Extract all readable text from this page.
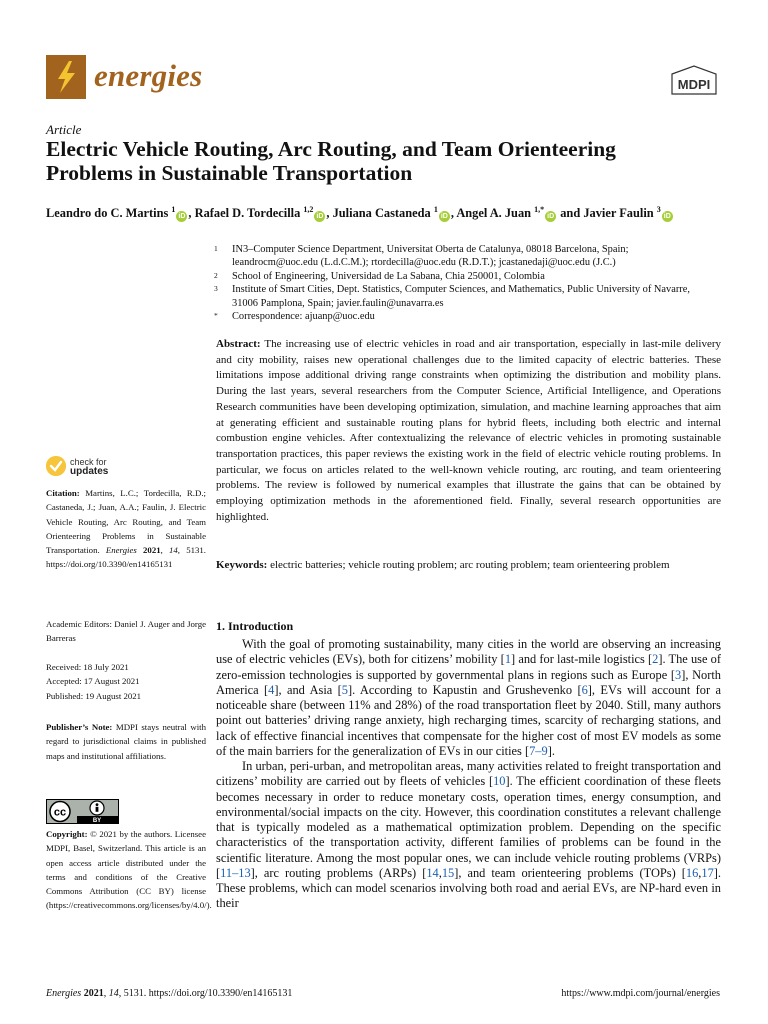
energies	MDPI
Article
Electric Vehicle Routing, Arc Routing, and Team Orienteering
Problems in Sustainable Transportation
Leandro do C. Martins $^1$iD , Rafael D. Tordecilla $^{1,2}$iD , Juliana Castaneda $^1$iD , Angel A. Juan $^{1,*}$iD and Javier Faulin $^3$iD
1	IN3–Computer Science Department, Universitat Oberta de Catalunya, 08018 Barcelona, Spain;
leandrocm@uoc.edu (L.d.C.M.); rtordecilla@uoc.edu (R.D.T.); jcastanedaji@uoc.edu (J.C.)
2	School of Engineering, Universidad de La Sabana, Chia 250001, Colombia
3	Institute of Smart Cities, Dept. Statistics, Computer Sciences, and Mathematics, Public University of Navarre,
31006 Pamplona, Spain; javier.faulin@unavarra.es
*	Correspondence: ajuanp@uoc.edu
Abstract: The increasing use of electric vehicles in road and air transportation, especially in last-mile delivery and city mobility, raises new operational challenges due to the limited capacity of electric batteries. These limitations impose additional driving range constraints when optimizing the distribution and mobility plans. During the last years, several researchers from the Computer Science, Artificial Intelligence, and Operations Research communities have been developing optimization, simulation, and machine learning approaches that aim at generating efficient and sustainable routing plans for hybrid fleets, including both electric and internal combustion engine vehicles. After contextualizing the relevance of electric vehicles in promoting sustainable transportation practices, this paper reviews the existing work in the field of electric vehicle routing problems. In particular, we focus on articles related to the well-known vehicle routing, arc routing, and team orienteering problems. The review is followed by numerical examples that illustrate the gains that can be obtained by employing optimization methods in the aforementioned field. Finally, several research opportunities are highlighted.
Keywords: electric batteries; vehicle routing problem; arc routing problem; team orienteering problem
check for
updates

Citation: Martins, L.C.; Tordecilla, R.D.; Castaneda, J.; Juan, A.A.; Faulin, J. Electric Vehicle Routing, Arc Routing, and Team Orienteering Problems in Sustainable Transportation. Energies 2021, 14, 5131. https://doi.org/10.3390/en14165131

Academic Editors: Daniel J. Auger and Jorge Barreras

Received: 18 July 2021
Accepted: 17 August 2021
Published: 19 August 2021

Publisher’s Note: MDPI stays neutral with regard to jurisdictional claims in published maps and institutional affiliations.

cc
BY

Copyright: © 2021 by the authors. Licensee MDPI, Basel, Switzerland. This article is an open access article distributed under the terms and conditions of the Creative Commons Attribution (CC BY) license (https://creativecommons.org/licenses/by/4.0/).

1. Introduction

With the goal of promoting sustainability, many cities in the world are observing an increasing use of electric vehicles (EVs), both for citizens’ mobility [1] and for last-mile logistics [2]. The use of zero-emission technologies is supported by governmental plans in regions such as Europe [3], North America [4], and Asia [5]. According to Kapustin and Grushevenko [6], EVs will account for a noticeable share (between 11% and 28%) of the road transportation fleet by 2040. Still, many authors point out batteries’ driving range anxiety, high recharging times, scarcity of recharging stations, and lack of effective financial incentives that compensate for the higher cost of most EV models as some of the main barriers for the generalization of EVs in our cities [7–9].

In urban, peri-urban, and metropolitan areas, many activities related to freight transportation and citizens’ mobility are carried out by fleets of vehicles [10]. The efficient coordination of these fleets becomes necessary in order to reduce monetary costs, operation times, energy consumption, and environmental/social impacts on the city. However, this coordination constitutes a relevant challenge that is typically modeled as a mathematical optimization problem. Depending on the specific characteristics of the transportation activity, different families of problems can be found in the scientific literature. Among the most popular ones, we can include vehicle routing problems (VRPs) [11–13], arc routing problems (ARPs) [14,15], and team orienteering problems (TOPs) [16,17]. These problems, which can model scenarios involving both road and aerial EVs, are NP-hard even in their

Energies 2021, 14, 5131. https://doi.org/10.3390/en14165131	https://www.mdpi.com/journal/energies
